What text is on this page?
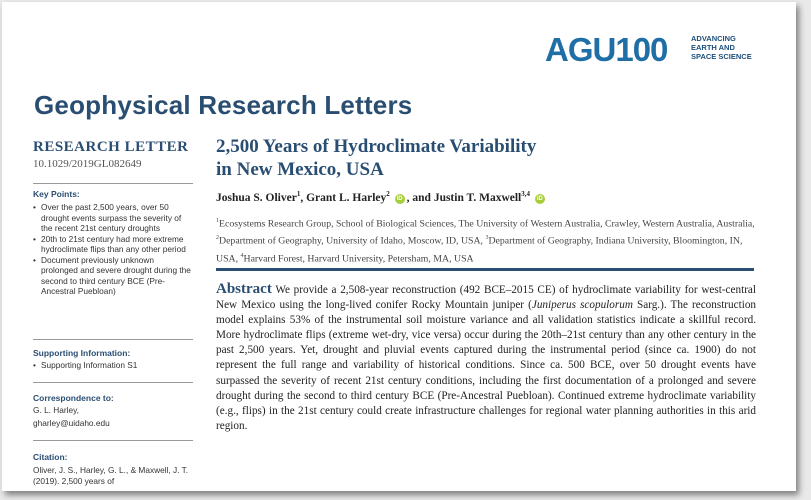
AGU100	ADVANCING
EARTH AND
SPACE SCIENCE
Geophysical Research Letters
RESEARCH LETTER
10.1029/2019GL082649
Key Points:
• Over the past 2,500 years, over 50 drought events surpass the severity of the recent 21st century droughts
• 20th to 21st century had more extreme hydroclimate flips than any other period
• Document previously unknown prolonged and severe drought during the second to third century BCE (Pre-Ancestral Puebloan)
Supporting Information:
• Supporting Information S1
Correspondence to:
G. L. Harley,
gharley@uidaho.edu
Citation:
Oliver, J. S., Harley, G. L., & Maxwell, J. T. (2019). 2,500 years of
2,500 Years of Hydroclimate Variability
in New Mexico, USA
Joshua S. Oliver$^1$, Grant L. Harley$^2$ iD , and Justin T. Maxwell$^{3,4}$ iD
$^1$Ecosystems Research Group, School of Biological Sciences, The University of Western Australia, Crawley, Western Australia, Australia, $^2$Department of Geography, University of Idaho, Moscow, ID, USA, $^3$Department of Geography, Indiana University, Bloomington, IN, USA, $^4$Harvard Forest, Harvard University, Petersham, MA, USA
Abstract We provide a 2,508-year reconstruction (492 BCE–2015 CE) of hydroclimate variability for west-central New Mexico using the long-lived conifer Rocky Mountain juniper (Juniperus scopulorum Sarg.). The reconstruction model explains 53% of the instrumental soil moisture variance and all validation statistics indicate a skillful record. More hydroclimate flips (extreme wet-dry, vice versa) occur during the 20th–21st century than any other century in the past 2,500 years. Yet, drought and pluvial events captured during the instrumental period (since ca. 1900) do not represent the full range and variability of historical conditions. Since ca. 500 BCE, over 50 drought events have surpassed the severity of recent 21st century conditions, including the first documentation of a prolonged and severe drought during the second to third century BCE (Pre-Ancestral Puebloan). Continued extreme hydroclimate variability (e.g., flips) in the 21st century could create infrastructure challenges for regional water planning authorities in this arid region.
